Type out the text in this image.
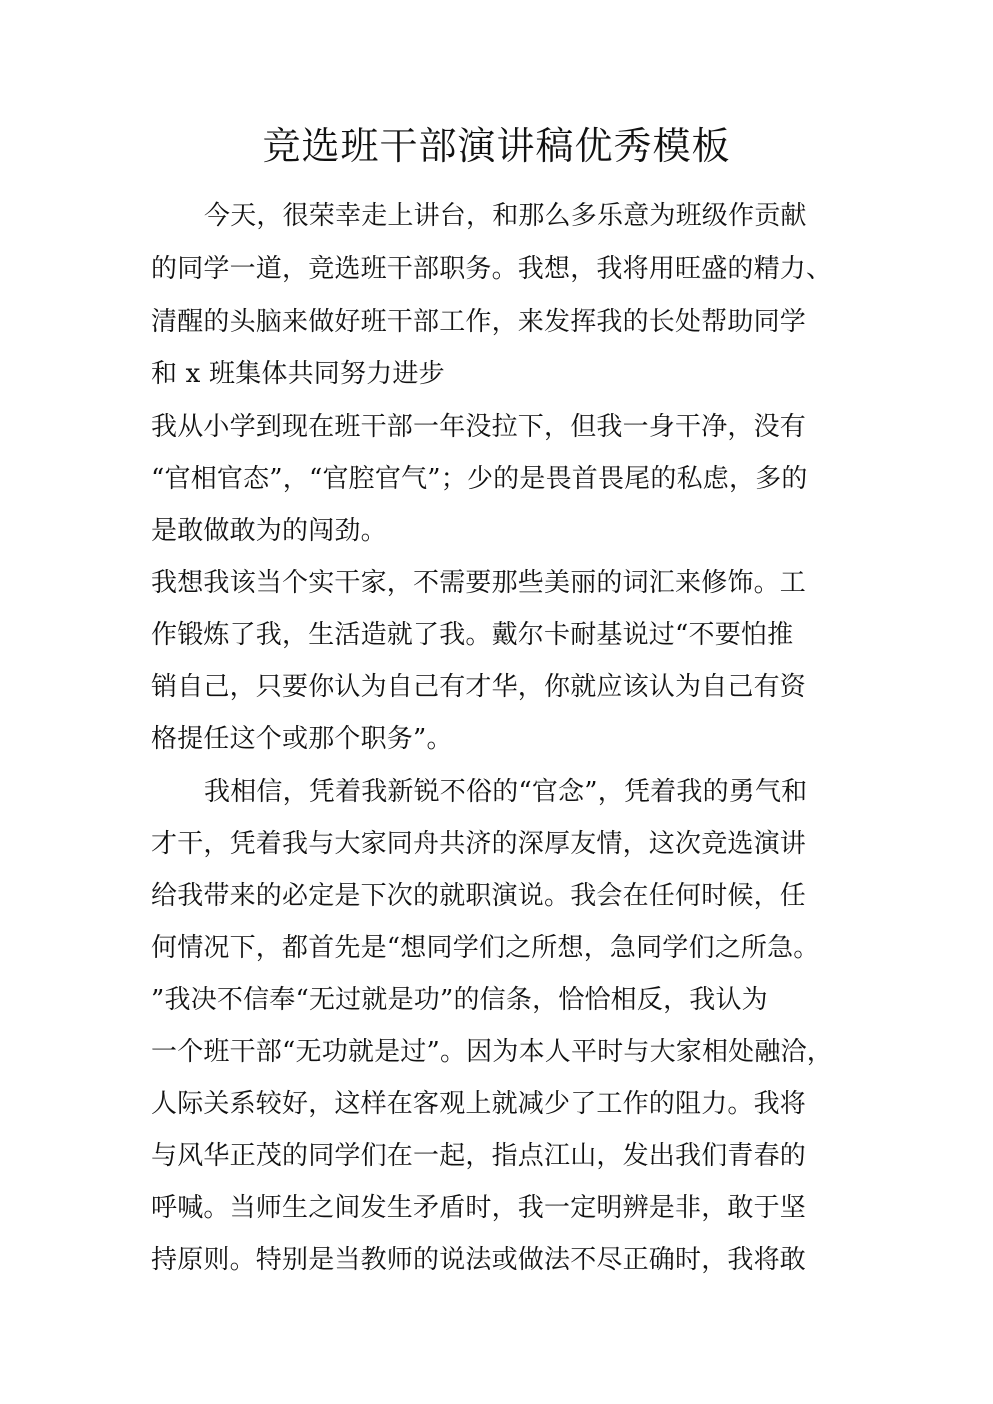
竞选班干部演讲稿优秀模板
今天，很荣幸走上讲台，和那么多乐意为班级作贡献
的同学一道，竞选班干部职务。我想，我将用旺盛的精力、
清醒的头脑来做好班干部工作，来发挥我的长处帮助同学
和 x 班集体共同努力进步
我从小学到现在班干部一年没拉下，但我一身干净，没有
“官相官态”，“官腔官气”；少的是畏首畏尾的私虑，多的
是敢做敢为的闯劲。
我想我该当个实干家，不需要那些美丽的词汇来修饰。工
作锻炼了我，生活造就了我。戴尔卡耐基说过“不要怕推
销自己，只要你认为自己有才华，你就应该认为自己有资
格提任这个或那个职务”。
我相信，凭着我新锐不俗的“官念”，凭着我的勇气和
才干，凭着我与大家同舟共济的深厚友情，这次竞选演讲
给我带来的必定是下次的就职演说。我会在任何时候，任
何情况下，都首先是“想同学们之所想，急同学们之所急。
”我决不信奉“无过就是功”的信条，恰恰相反，我认为
一个班干部“无功就是过”。因为本人平时与大家相处融洽，
人际关系较好，这样在客观上就减少了工作的阻力。我将
与风华正茂的同学们在一起，指点江山，发出我们青春的
呼喊。当师生之间发生矛盾时，我一定明辨是非，敢于坚
持原则。特别是当教师的说法或做法不尽正确时，我将敢
